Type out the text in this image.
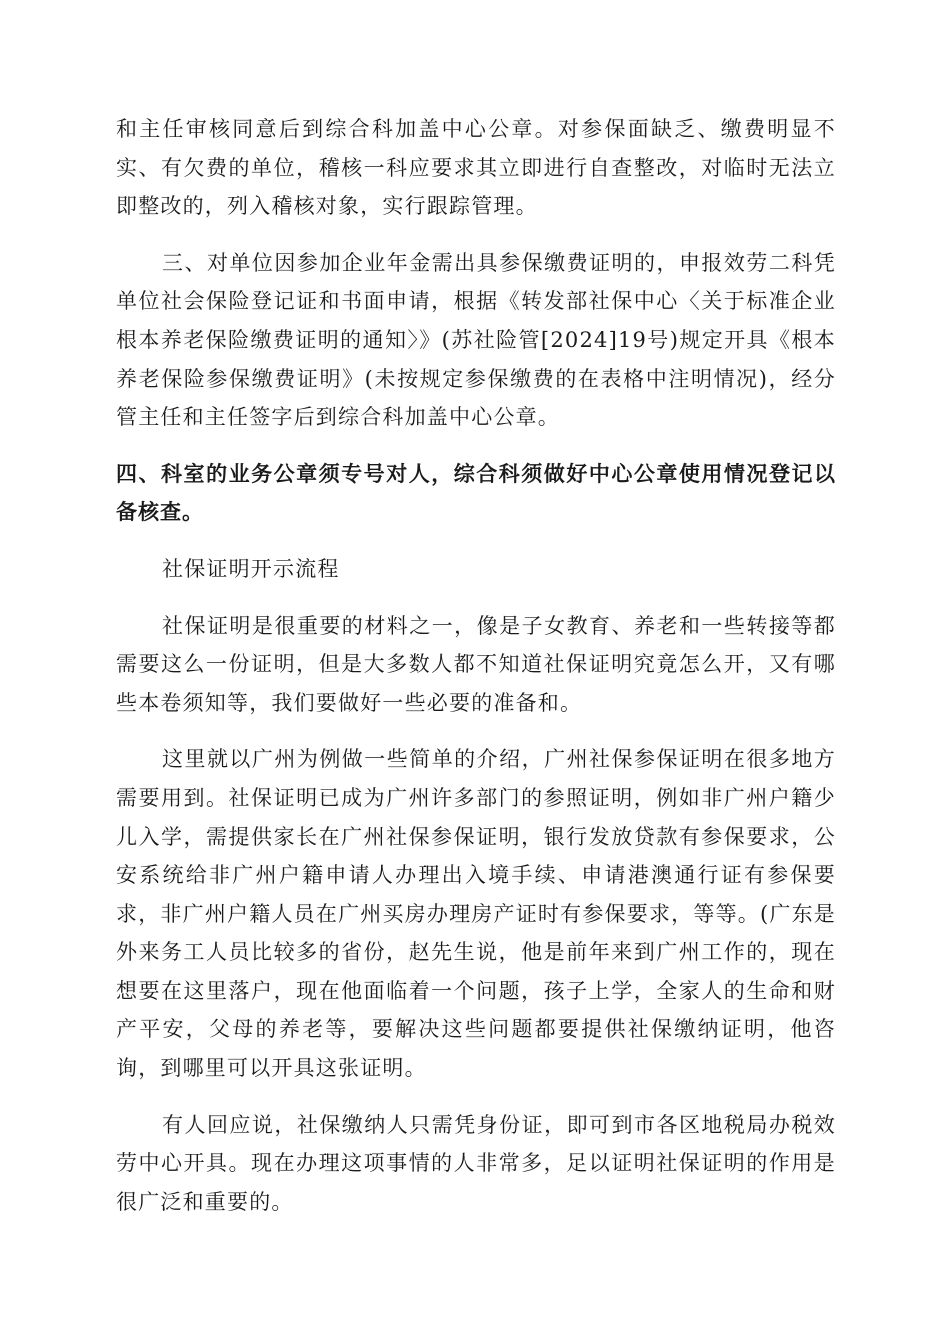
和主任审核同意后到综合科加盖中心公章。对参保面缺乏、缴费明显不实、有欠费的单位，稽核一科应要求其立即进行自查整改，对临时无法立即整改的，列入稽核对象，实行跟踪管理。

三、对单位因参加企业年金需出具参保缴费证明的，申报效劳二科凭单位社会保险登记证和书面申请，根据《转发部社保中心〈关于标准企业根本养老保险缴费证明的通知〉》(苏社险管[2024]19号)规定开具《根本养老保险参保缴费证明》(未按规定参保缴费的在表格中注明情况)，经分管主任和主任签字后到综合科加盖中心公章。

四、科室的业务公章须专号对人，综合科须做好中心公章使用情况登记以备核查。

社保证明开示流程

社保证明是很重要的材料之一，像是子女教育、养老和一些转接等都需要这么一份证明，但是大多数人都不知道社保证明究竟怎么开，又有哪些本卷须知等，我们要做好一些必要的准备和。

这里就以广州为例做一些简单的介绍，广州社保参保证明在很多地方需要用到。社保证明已成为广州许多部门的参照证明，例如非广州户籍少儿入学，需提供家长在广州社保参保证明，银行发放贷款有参保要求，公安系统给非广州户籍申请人办理出入境手续、申请港澳通行证有参保要求，非广州户籍人员在广州买房办理房产证时有参保要求，等等。(广东是外来务工人员比较多的省份，赵先生说，他是前年来到广州工作的，现在想要在这里落户，现在他面临着一个问题，孩子上学，全家人的生命和财产平安，父母的养老等，要解决这些问题都要提供社保缴纳证明，他咨询，到哪里可以开具这张证明。

有人回应说，社保缴纳人只需凭身份证，即可到市各区地税局办税效劳中心开具。现在办理这项事情的人非常多，足以证明社保证明的作用是很广泛和重要的。
